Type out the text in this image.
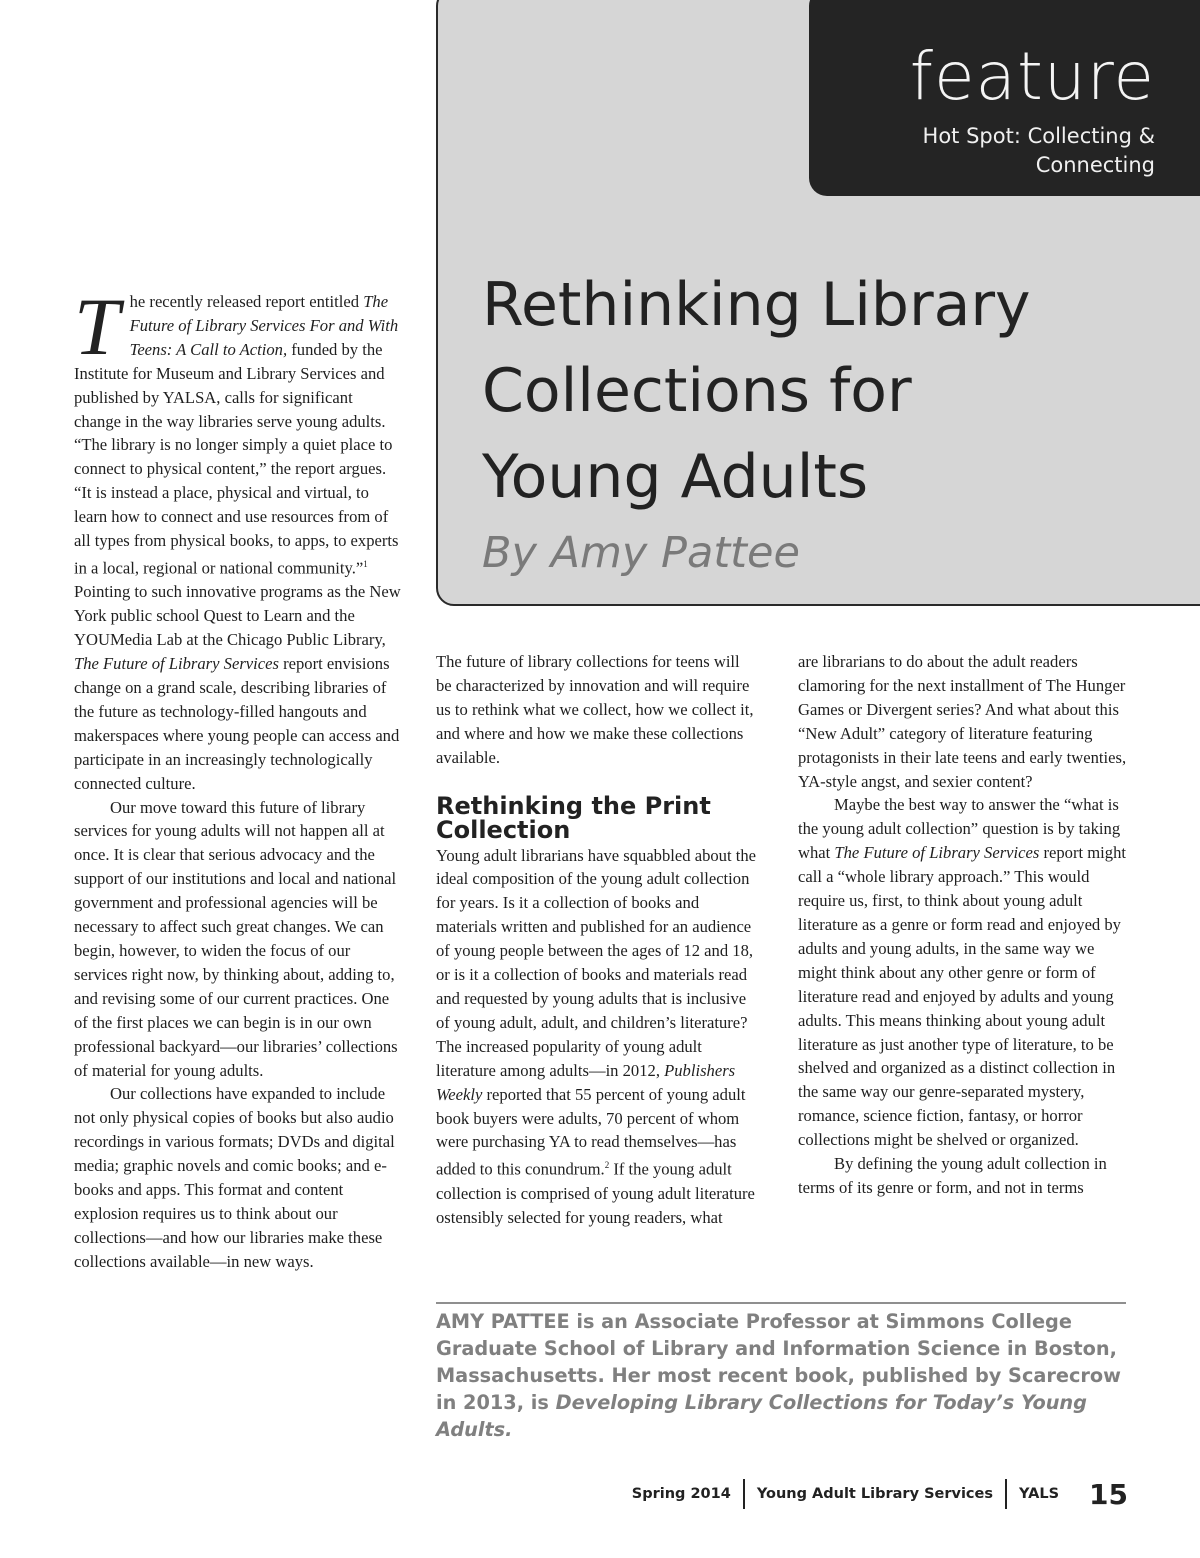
feature
Hot Spot: Collecting &
Connecting
Rethinking Library
Collections for
Young Adults
By Amy Pattee

The recently released report entitled The Future of Library Services For and With Teens: A Call to Action, funded by the Institute for Museum and Library Services and published by YALSA, calls for significant change in the way libraries serve young adults. “The library is no longer simply a quiet place to connect to physical content,” the report argues. “It is instead a place, physical and virtual, to learn how to connect and use resources from of all types from physical books, to apps, to experts in a local, regional or national community.”$^1$ Pointing to such innovative programs as the New York public school Quest to Learn and the YOUMedia Lab at the Chicago Public Library, The Future of Library Services report envisions change on a grand scale, describing libraries of the future as technology-filled hangouts and makerspaces where young people can access and participate in an increasingly technologically connected culture.

Our move toward this future of library services for young adults will not happen all at once. It is clear that serious advocacy and the support of our institutions and local and national government and professional agencies will be necessary to affect such great changes. We can begin, however, to widen the focus of our services right now, by thinking about, adding to, and revising some of our current practices. One of the first places we can begin is in our own professional backyard—our libraries’ collections of material for young adults.

Our collections have expanded to include not only physical copies of books but also audio recordings in various formats; DVDs and digital media; graphic novels and comic books; and e-books and apps. This format and content explosion requires us to think about our collections—and how our libraries make these collections available—in new ways.

The future of library collections for teens will be characterized by innovation and will require us to rethink what we collect, how we collect it, and where and how we make these collections available.

Rethinking the Print
Collection

Young adult librarians have squabbled about the ideal composition of the young adult collection for years. Is it a collection of books and materials written and published for an audience of young people between the ages of 12 and 18, or is it a collection of books and materials read and requested by young adults that is inclusive of young adult, adult, and children’s literature? The increased popularity of young adult literature among adults—in 2012, Publishers Weekly reported that 55 percent of young adult book buyers were adults, 70 percent of whom were purchasing YA to read themselves—has added to this conundrum.$^2$ If the young adult collection is comprised of young adult literature ostensibly selected for young readers, what

are librarians to do about the adult readers clamoring for the next installment of The Hunger Games or Divergent series? And what about this “New Adult” category of literature featuring protagonists in their late teens and early twenties, YA-style angst, and sexier content?

Maybe the best way to answer the “what is the young adult collection” question is by taking what The Future of Library Services report might call a “whole library approach.” This would require us, first, to think about young adult literature as a genre or form read and enjoyed by adults and young adults, in the same way we might think about any other genre or form of literature read and enjoyed by adults and young adults. This means thinking about young adult literature as just another type of literature, to be shelved and organized as a distinct collection in the same way our genre-separated mystery, romance, science fiction, fantasy, or horror collections might be shelved or organized.

By defining the young adult collection in terms of its genre or form, and not in terms

AMY PATTEE is an Associate Professor at Simmons College Graduate School of Library and Information Science in Boston, Massachusetts. Her most recent book, published by Scarecrow in 2013, is Developing Library Collections for Today’s Young Adults.
Spring 2014 Young Adult Library Services YALS 15
